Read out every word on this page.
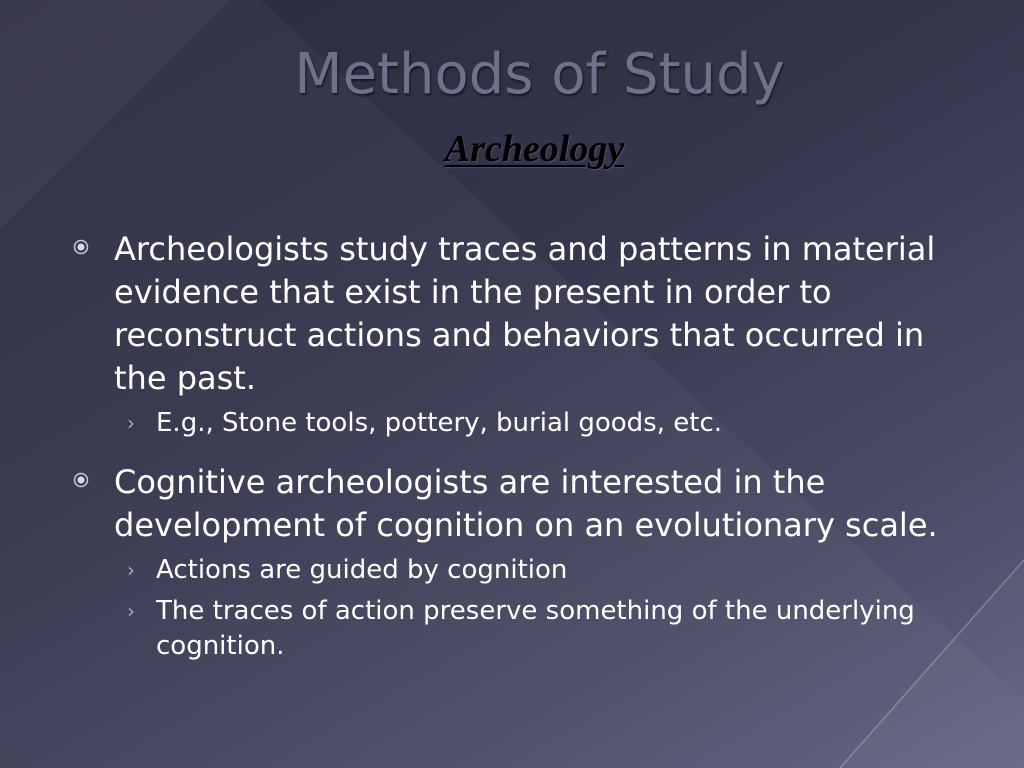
Methods of Study
Archeology
Archeologists study traces and patterns in material evidence that exist in the present in order to reconstruct actions and behaviors that occurred in the past.
› E.g., Stone tools, pottery, burial goods, etc.
Cognitive archeologists are interested in the development of cognition on an evolutionary scale.
› Actions are guided by cognition
› The traces of action preserve something of the underlying cognition.
